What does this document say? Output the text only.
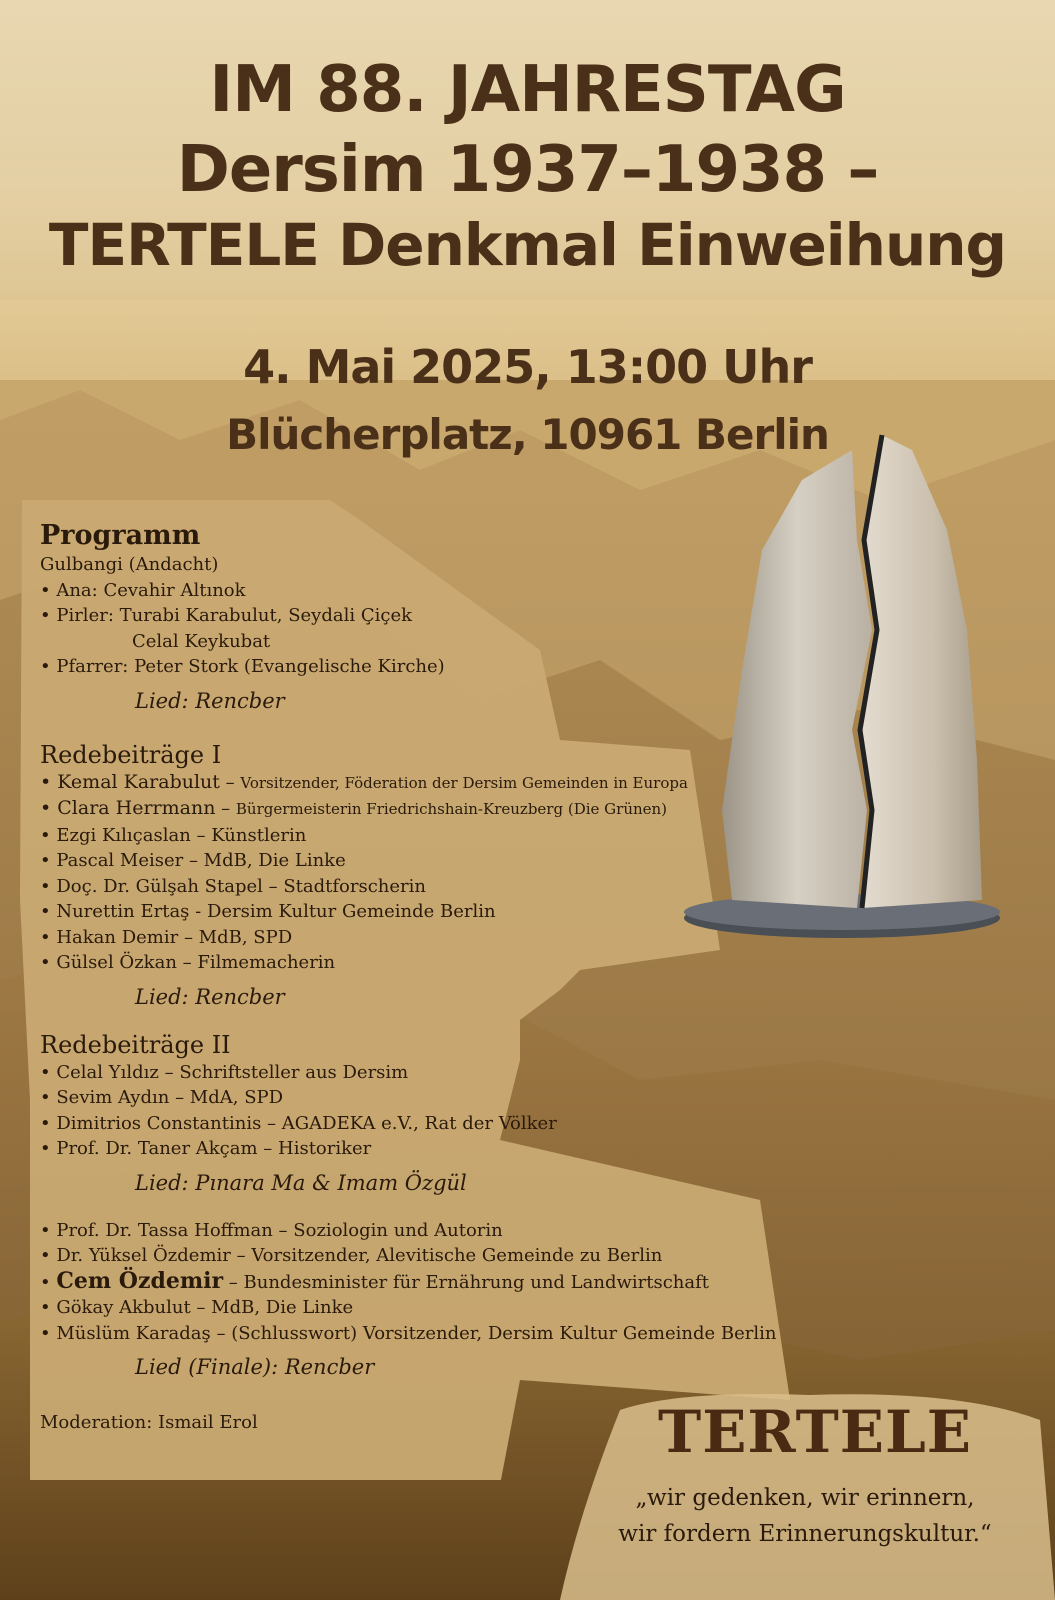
IM 88. JAHRESTAG
Dersim 1937–1938 –
TERTELE Denkmal Einweihung
4. Mai 2025, 13:00 Uhr
Blücherplatz, 10961 Berlin
Programm
Gulbangi (Andacht)
• Ana: Cevahir Altınok
• Pirler: Turabi Karabulut, Seydali Çiçek
Celal Keykubat
• Pfarrer: Peter Stork (Evangelische Kirche)
Lied: Rencber
Redebeiträge I
• Kemal Karabulut – Vorsitzender, Föderation der Dersim Gemeinden in Europa
• Clara Herrmann – Bürgermeisterin Friedrichshain-Kreuzberg (Die Grünen)
• Ezgi Kılıçaslan – Künstlerin
• Pascal Meiser – MdB, Die Linke
• Doç. Dr. Gülşah Stapel – Stadtforscherin
• Nurettin Ertaş - Dersim Kultur Gemeinde Berlin
• Hakan Demir – MdB, SPD
• Gülsel Özkan – Filmemacherin
Lied: Rencber
Redebeiträge II
• Celal Yıldız – Schriftsteller aus Dersim
• Sevim Aydın – MdA, SPD
• Dimitrios Constantinis – AGADEKA e.V., Rat der Völker
• Prof. Dr. Taner Akçam – Historiker
Lied: Pınara Ma & Imam Özgül
• Prof. Dr. Tassa Hoffman – Soziologin und Autorin
• Dr. Yüksel Özdemir – Vorsitzender, Alevitische Gemeinde zu Berlin
• Cem Özdemir – Bundesminister für Ernährung und Landwirtschaft
• Gökay Akbulut – MdB, Die Linke
• Müslüm Karadaş – (Schlusswort) Vorsitzender, Dersim Kultur Gemeinde Berlin
Lied (Finale): Rencber
Moderation: Ismail Erol	TERTELE
„wir gedenken, wir erinnern,
wir fordern Erinnerungskultur.“
